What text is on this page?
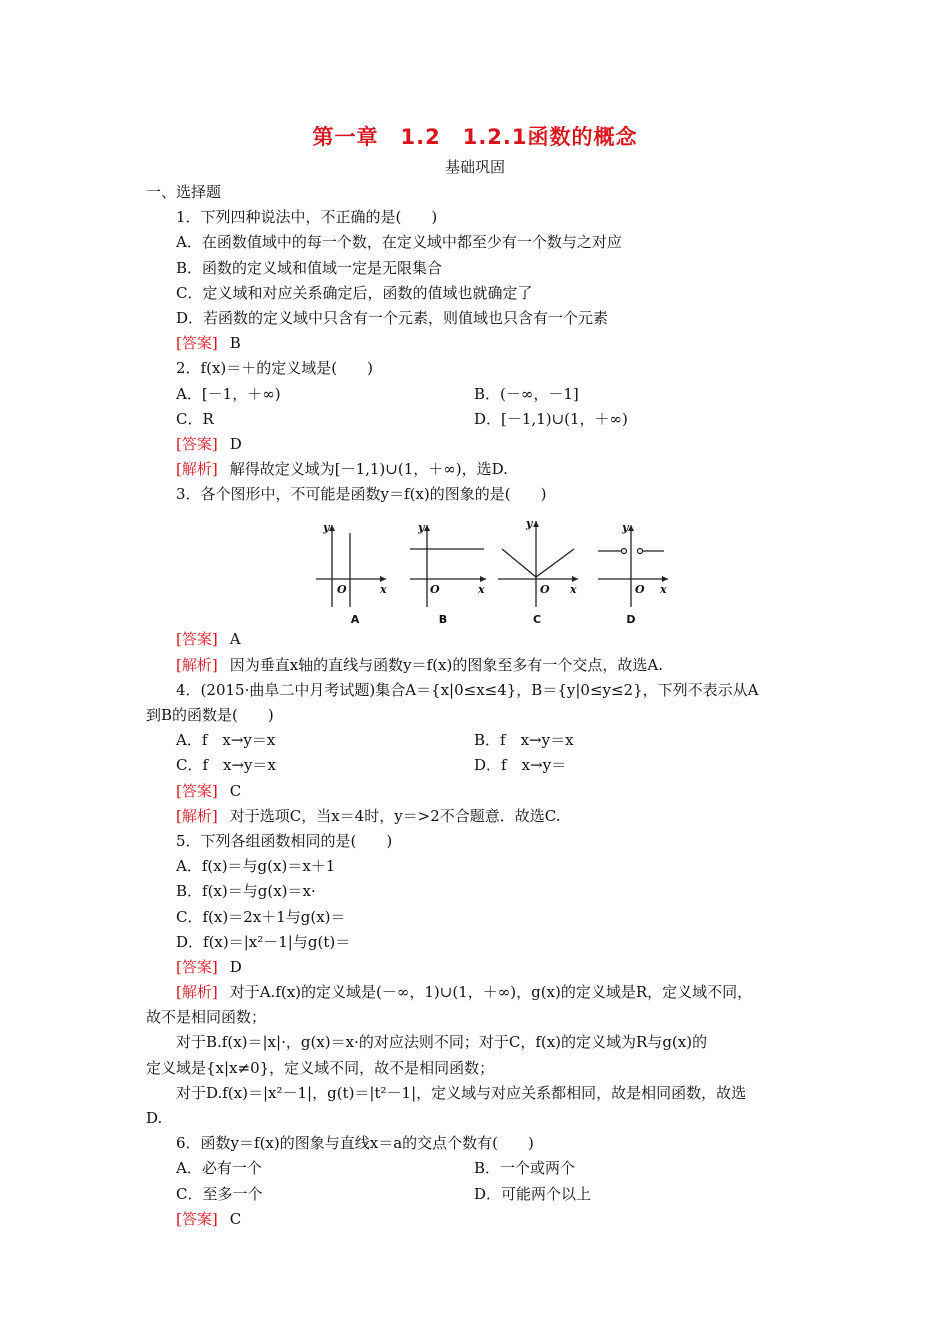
第一章　1.2　1.2.1函数的概念
基础巩固
一、选择题
1．下列四种说法中，不正确的是(　　)
A．在函数值域中的每一个数，在定义域中都至少有一个数与之对应
B．函数的定义域和值域一定是无限集合
C．定义域和对应关系确定后，函数的值域也就确定了
D．若函数的定义域中只含有一个元素，则值域也只含有一个元素
[答案] B
2．f(x)＝＋的定义域是(　　)
A．[－1，＋∞)	B．(－∞，－1]
C．R	D．[－1,1)∪(1，＋∞)
[答案] D
[解析] 解得故定义域为[－1,1)∪(1，＋∞)，选D.
3．各个图形中，不可能是函数y＝f(x)的图象的是(　　)
y
x
O
y
x
O
y
x
O
y
x
O
A	B	C	D
[答案] A
[解析] 因为垂直x轴的直线与函数y＝f(x)的图象至多有一个交点，故选A.
4．(2015·曲阜二中月考试题)集合A＝{x|0≤x≤4}，B＝{y|0≤y≤2}，下列不表示从A
到B的函数是(　　)
A．f　x→y＝x	B．f　x→y＝x
C．f　x→y＝x	D．f　x→y＝
[答案] C
[解析] 对于选项C，当x＝4时，y＝>2不合题意．故选C.
5．下列各组函数相同的是(　　)
A．f(x)＝与g(x)＝x＋1
B．f(x)＝与g(x)＝x·
C．f(x)＝2x＋1与g(x)＝
D．f(x)＝|x²－1|与g(t)＝
[答案] D
[解析] 对于A.f(x)的定义域是(－∞，1)∪(1，＋∞)，g(x)的定义域是R，定义域不同，
故不是相同函数；
对于B.f(x)＝|x|·，g(x)＝x·的对应法则不同；对于C，f(x)的定义域为R与g(x)的
定义域是{x|x≠0}，定义域不同，故不是相同函数；
对于D.f(x)＝|x²－1|，g(t)＝|t²－1|，定义域与对应关系都相同，故是相同函数，故选
D.
6．函数y＝f(x)的图象与直线x＝a的交点个数有(　　)
A．必有一个	B．一个或两个
C．至多一个	D．可能两个以上
[答案] C
